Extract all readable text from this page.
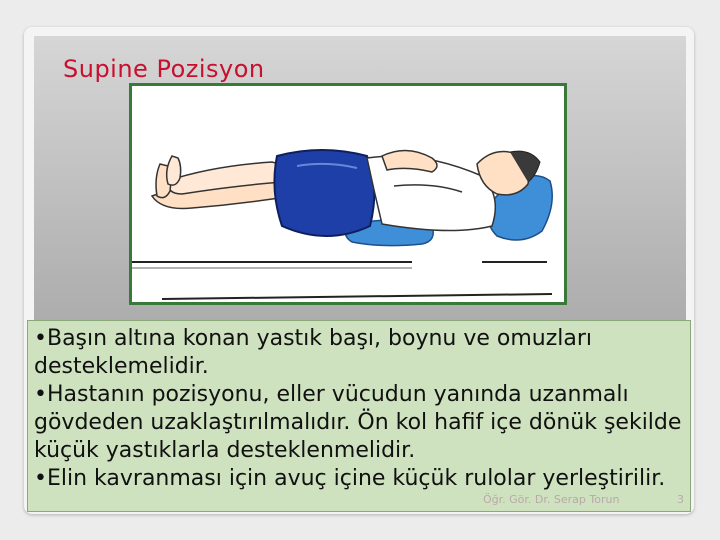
Supine Pozisyon
•Başın altına konan yastık başı, boynu ve omuzları desteklemelidir.
•Hastanın pozisyonu, eller vücudun yanında uzanmalı gövdeden uzaklaştırılmalıdır. Ön kol hafif içe dönük şekilde küçük yastıklarla desteklenmelidir.
•Elin kavranması için avuç içine küçük rulolar yerleştirilir.
Öğr. Gör. Dr. Serap Torun	3
